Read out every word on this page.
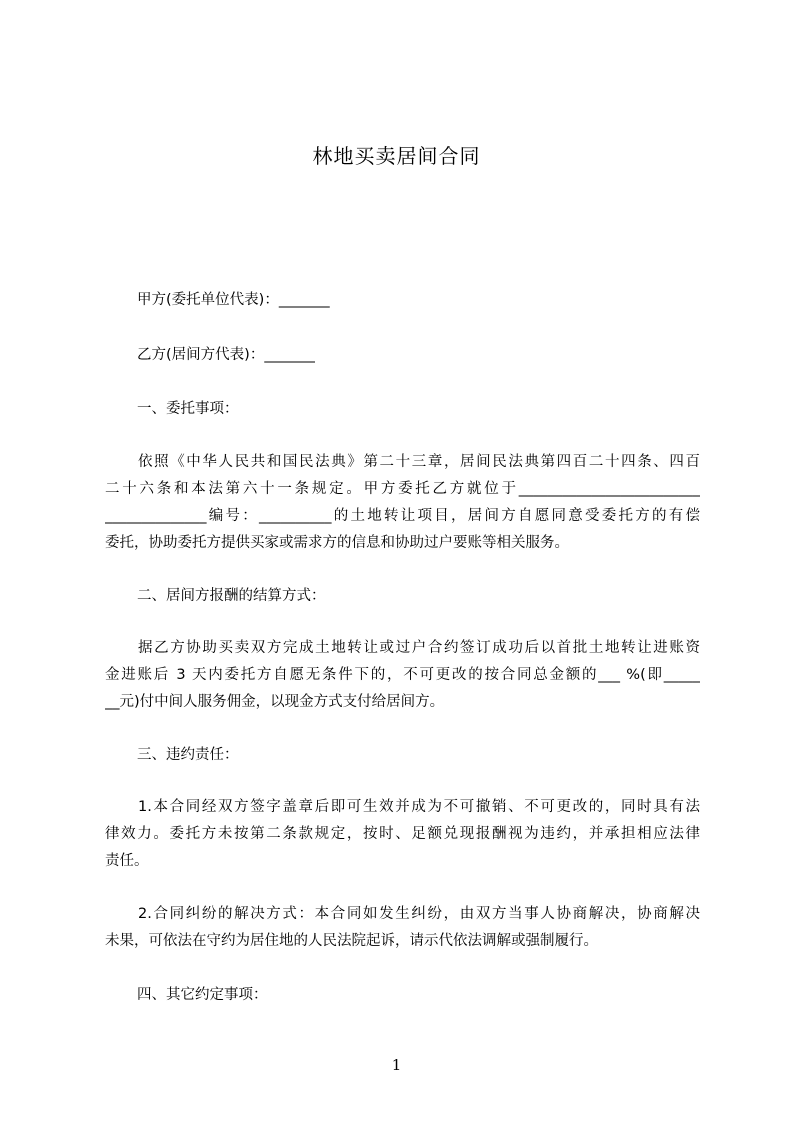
林地买卖居间合同
甲方(委托单位代表)：_______
乙方(居间方代表)：_______
一、委托事项：
依照《中华人民共和国民法典》第二十三章，居间民法典第四百二十四条、四百
二十六条和本法第六十一条规定。甲方委托乙方就位于_________________________
______________编号：__________的土地转让项目，居间方自愿同意受委托方的有偿
委托，协助委托方提供买家或需求方的信息和协助过户要账等相关服务。
二、居间方报酬的结算方式：
据乙方协助买卖双方完成土地转让或过户合约签订成功后以首批土地转让进账资
金进账后 3 天内委托方自愿无条件下的，不可更改的按合同总金额的___ %(即_____
__元)付中间人服务佣金，以现金方式支付给居间方。
三、违约责任：
1.本合同经双方签字盖章后即可生效并成为不可撤销、不可更改的，同时具有法
律效力。委托方未按第二条款规定，按时、足额兑现报酬视为违约，并承担相应法律
责任。
2.合同纠纷的解决方式：本合同如发生纠纷，由双方当事人协商解决，协商解决
未果，可依法在守约为居住地的人民法院起诉，请示代依法调解或强制履行。
四、其它约定事项：
1
